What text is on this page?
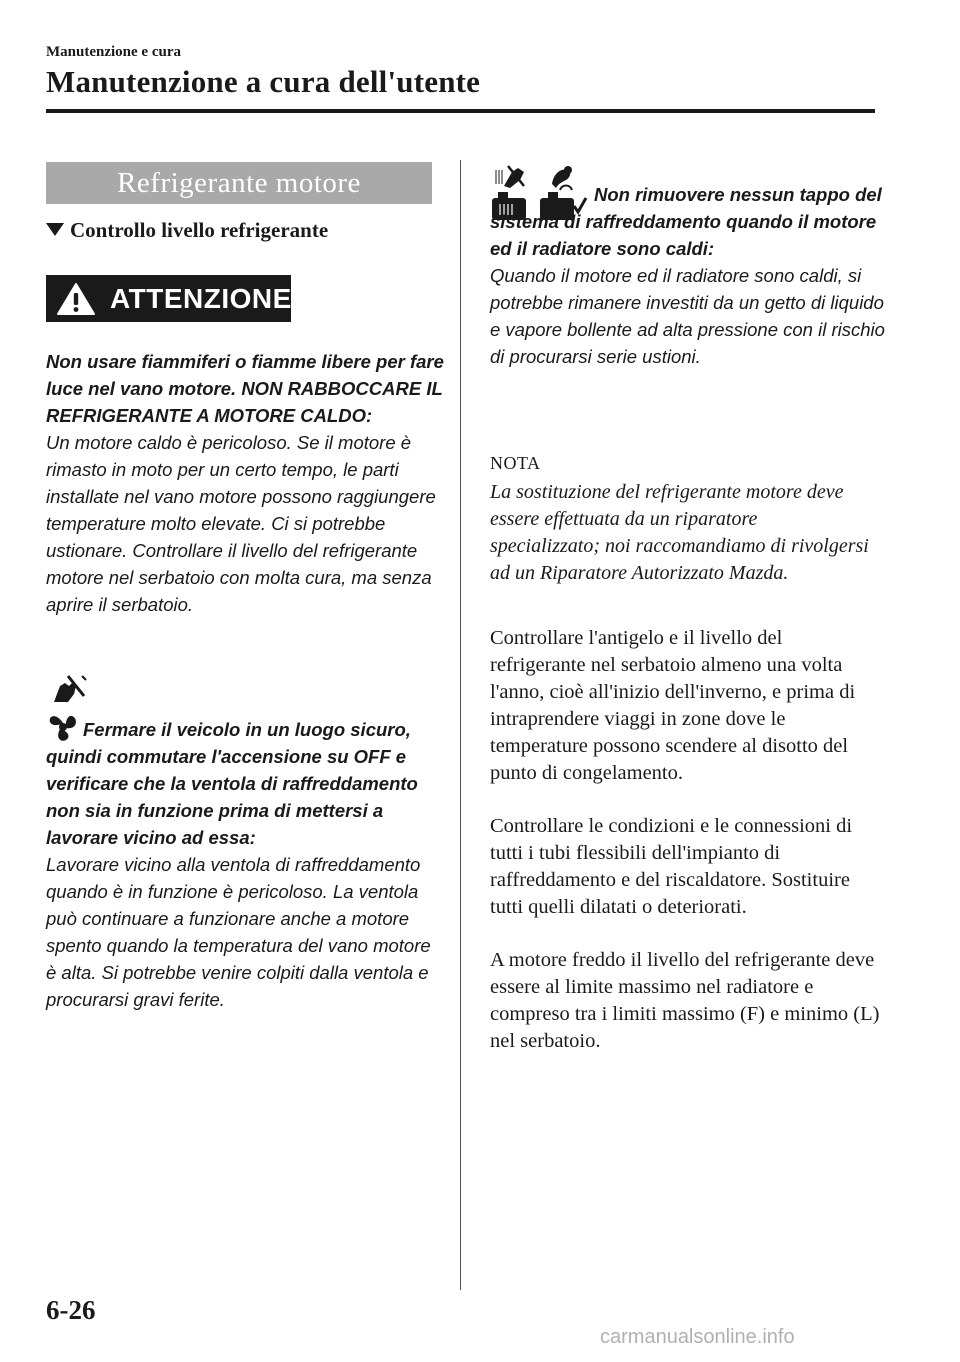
Manutenzione e cura
Manutenzione a cura dell'utente
Refrigerante motore
Controllo livello refrigerante
ATTENZIONE
Non usare fiammiferi o fiamme libere per fare luce nel vano motore. NON RABBOCCARE IL REFRIGERANTE A MOTORE CALDO:
Un motore caldo è pericoloso. Se il motore è rimasto in moto per un certo tempo, le parti installate nel vano motore possono raggiungere temperature molto elevate. Ci si potrebbe ustionare. Controllare il livello del refrigerante motore nel serbatoio con molta cura, ma senza aprire il serbatoio.
Fermare il veicolo in un luogo sicuro, quindi commutare l'accensione su OFF e verificare che la ventola di raffreddamento non sia in funzione prima di mettersi a lavorare vicino ad essa:
Lavorare vicino alla ventola di raffreddamento quando è in funzione è pericoloso. La ventola può continuare a funzionare anche a motore spento quando la temperatura del vano motore è alta. Si potrebbe venire colpiti dalla ventola e procurarsi gravi ferite.

Non rimuovere nessun tappo del sistema di raffreddamento quando il motore ed il radiatore sono caldi:
Quando il motore ed il radiatore sono caldi, si potrebbe rimanere investiti da un getto di liquido e vapore bollente ad alta pressione con il rischio di procurarsi serie ustioni.
NOTA
La sostituzione del refrigerante motore deve essere effettuata da un riparatore specializzato; noi raccomandiamo di rivolgersi ad un Riparatore Autorizzato Mazda.
Controllare l'antigelo e il livello del refrigerante nel serbatoio almeno una volta l'anno, cioè all'inizio dell'inverno, e prima di intraprendere viaggi in zone dove le temperature possono scendere al disotto del punto di congelamento.
Controllare le condizioni e le connessioni di tutti i tubi flessibili dell'impianto di raffreddamento e del riscaldatore. Sostituire tutti quelli dilatati o deteriorati.
A motore freddo il livello del refrigerante deve essere al limite massimo nel radiatore e compreso tra i limiti massimo (F) e minimo (L) nel serbatoio.
6-26
carmanualsonline.info
